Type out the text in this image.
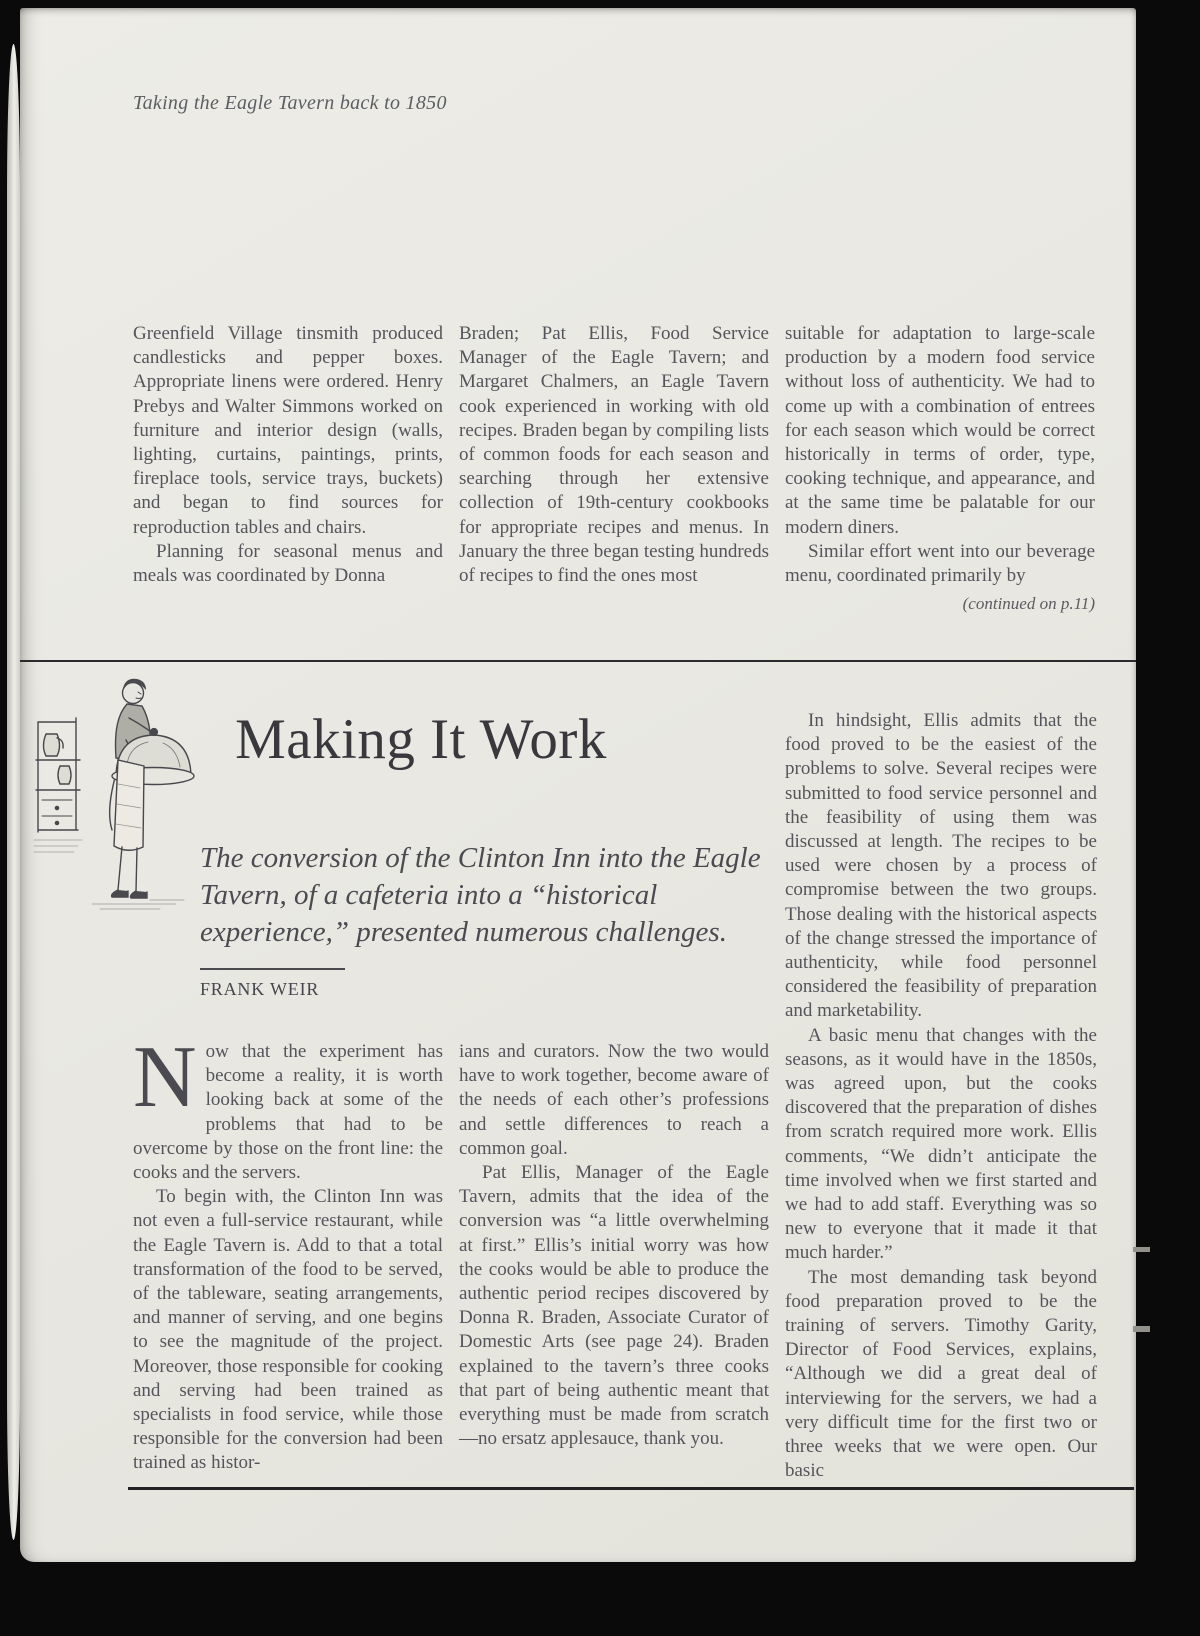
Taking the Eagle Tavern back to 1850

Greenfield Village tinsmith produced candlesticks and pepper boxes. Appropriate linens were ordered. Henry Prebys and Walter Simmons worked on furniture and interior design (walls, lighting, curtains, paintings, prints, fireplace tools, service trays, buckets) and began to find sources for reproduction tables and chairs.

Planning for seasonal menus and meals was coordinated by Donna

Braden; Pat Ellis, Food Service Manager of the Eagle Tavern; and Margaret Chalmers, an Eagle Tavern cook experienced in working with old recipes. Braden began by compiling lists of common foods for each season and searching through her extensive collection of 19th-century cookbooks for appropriate recipes and menus. In January the three began testing hundreds of recipes to find the ones most

suitable for adaptation to large-scale production by a modern food service without loss of authenticity. We had to come up with a combination of entrees for each season which would be correct historically in terms of order, type, cooking technique, and appearance, and at the same time be palatable for our modern diners.

Similar effort went into our beverage menu, coordinated primarily by

(continued on p.11)

Making It Work

The conversion of the Clinton Inn into the Eagle Tavern, of a cafeteria into a “historical experience,” presented numerous challenges.

FRANK WEIR

Now that the experiment has become a reality, it is worth looking back at some of the problems that had to be overcome by those on the front line: the cooks and the servers.

To begin with, the Clinton Inn was not even a full-service restaurant, while the Eagle Tavern is. Add to that a total transformation of the food to be served, of the tableware, seating arrangements, and manner of serving, and one begins to see the magnitude of the project. Moreover, those responsible for cooking and serving had been trained as specialists in food service, while those responsible for the conversion had been trained as histor-

ians and curators. Now the two would have to work together, become aware of the needs of each other’s professions and settle differences to reach a common goal.

Pat Ellis, Manager of the Eagle Tavern, admits that the idea of the conversion was “a little overwhelming at first.” Ellis’s initial worry was how the cooks would be able to produce the authentic period recipes discovered by Donna R. Braden, Associate Curator of Domestic Arts (see page 24). Braden explained to the tavern’s three cooks that part of being authentic meant that everything must be made from scratch—no ersatz applesauce, thank you.

In hindsight, Ellis admits that the food proved to be the easiest of the problems to solve. Several recipes were submitted to food service personnel and the feasibility of using them was discussed at length. The recipes to be used were chosen by a process of compromise between the two groups. Those dealing with the historical aspects of the change stressed the importance of authenticity, while food personnel considered the feasibility of preparation and marketability.

A basic menu that changes with the seasons, as it would have in the 1850s, was agreed upon, but the cooks discovered that the preparation of dishes from scratch required more work. Ellis comments, “We didn’t anticipate the time involved when we first started and we had to add staff. Everything was so new to everyone that it made it that much harder.”

The most demanding task beyond food preparation proved to be the training of servers. Timothy Garity, Director of Food Services, explains, “Although we did a great deal of interviewing for the servers, we had a very difficult time for the first two or three weeks that we were open. Our basic
